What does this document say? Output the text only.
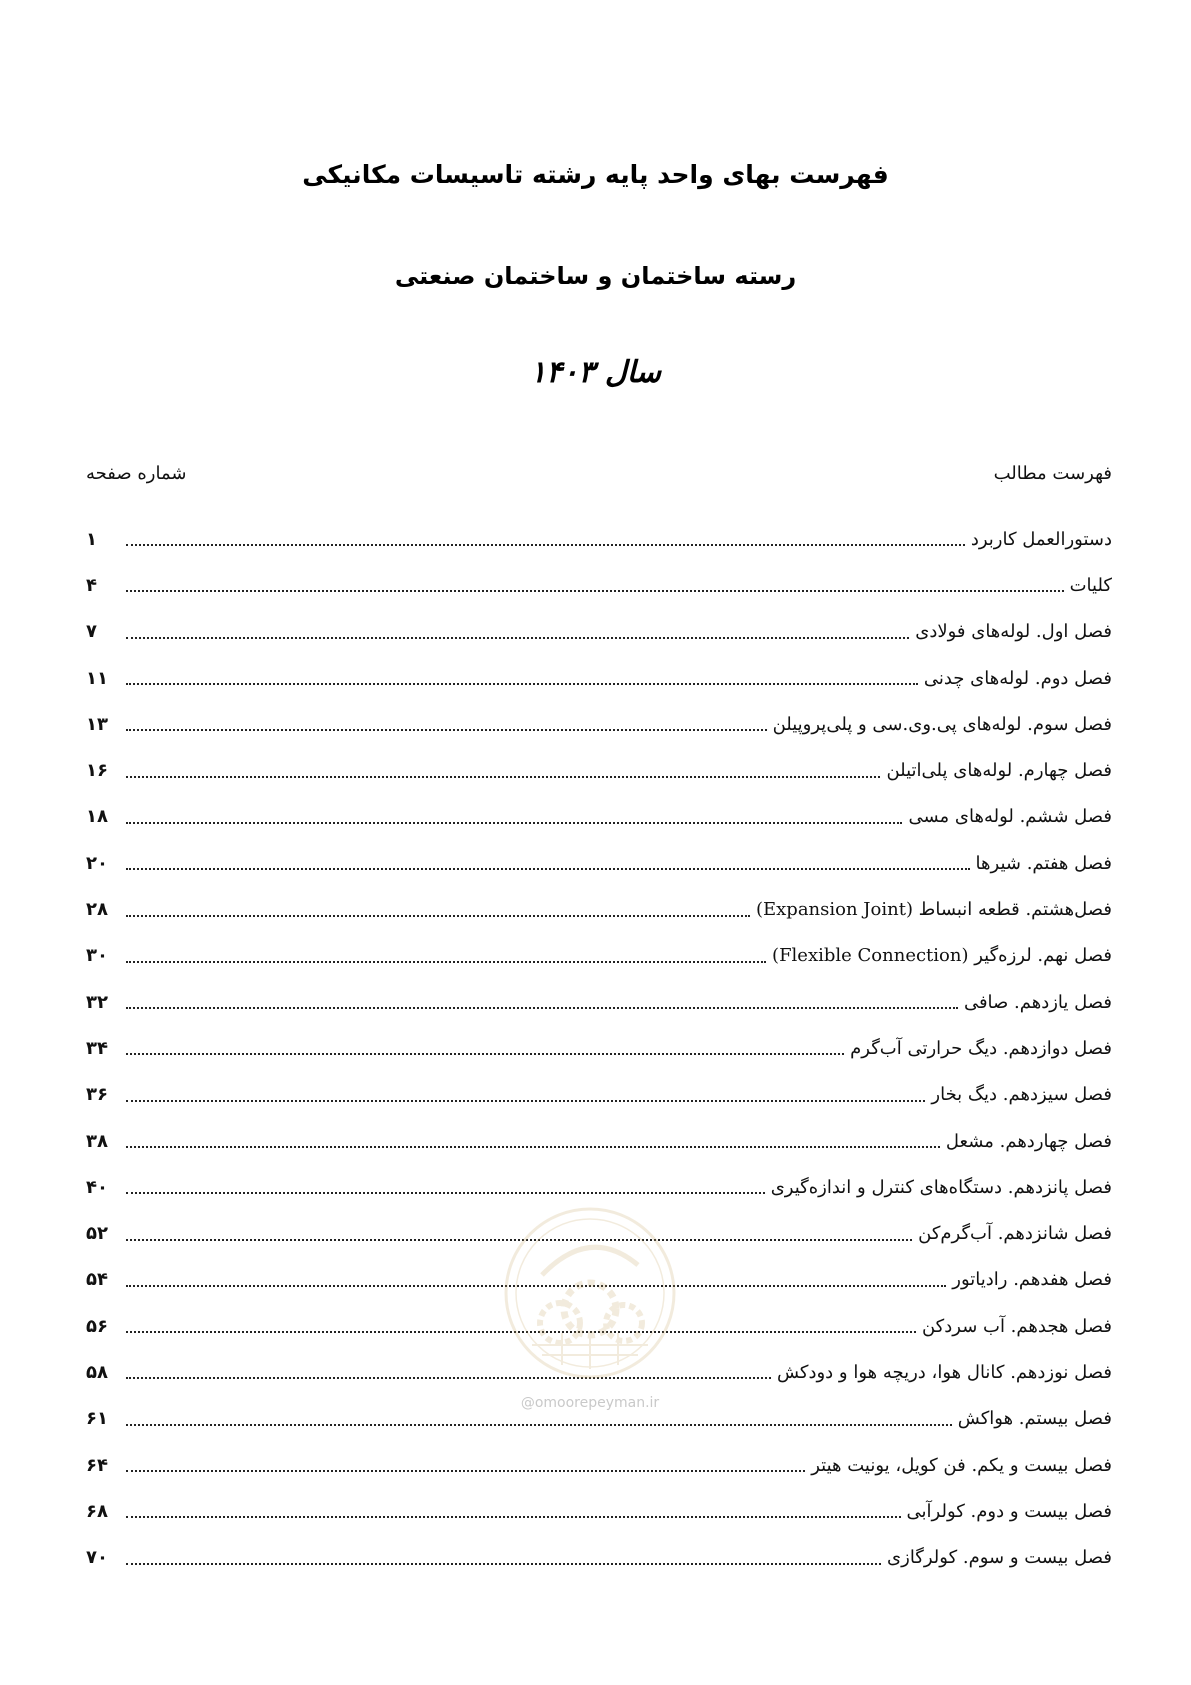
فهرست بهای واحد پایه رشته تاسیسات مکانیکی
رسته ساختمان و ساختمان صنعتی
سال ۱۴۰۳
فهرست مطالب
شماره صفحه
دستورالعمل کاربرد
۱
کلیات
۴
فصل اول. لوله‌های فولادی
۷
فصل دوم. لوله‌های چدنی
۱۱
فصل سوم. لوله‌های پی.وی.سی و پلی‌پروپیلن
۱۳
فصل چهارم. لوله‌های پلی‌اتیلن
۱۶
فصل ششم. لوله‌های مسی
۱۸
فصل هفتم. شیرها
۲۰
فصل‌هشتم. قطعه انبساط (Expansion Joint)
۲۸
فصل نهم. لرزه‌گیر (Flexible Connection)
۳۰
فصل یازدهم. صافی
۳۲
فصل دوازدهم. دیگ حرارتی آب‌گرم
۳۴
فصل سیزدهم. دیگ بخار
۳۶
فصل چهاردهم. مشعل
۳۸
فصل پانزدهم. دستگاه‌های کنترل و اندازه‌گیری
۴۰
فصل شانزدهم. آب‌گرم‌کن
۵۲
فصل هفدهم. رادیاتور
۵۴
فصل هجدهم. آب سردکن
۵۶
فصل نوزدهم. کانال هوا، دریچه هوا و دودکش
۵۸
فصل بیستم. هواکش
۶۱
فصل بیست و یکم. فن کویل، یونیت هیتر
۶۴
فصل بیست و دوم. کولرآبی
۶۸
فصل بیست و سوم. کولرگازی
۷۰
@omoorepeyman.ir
